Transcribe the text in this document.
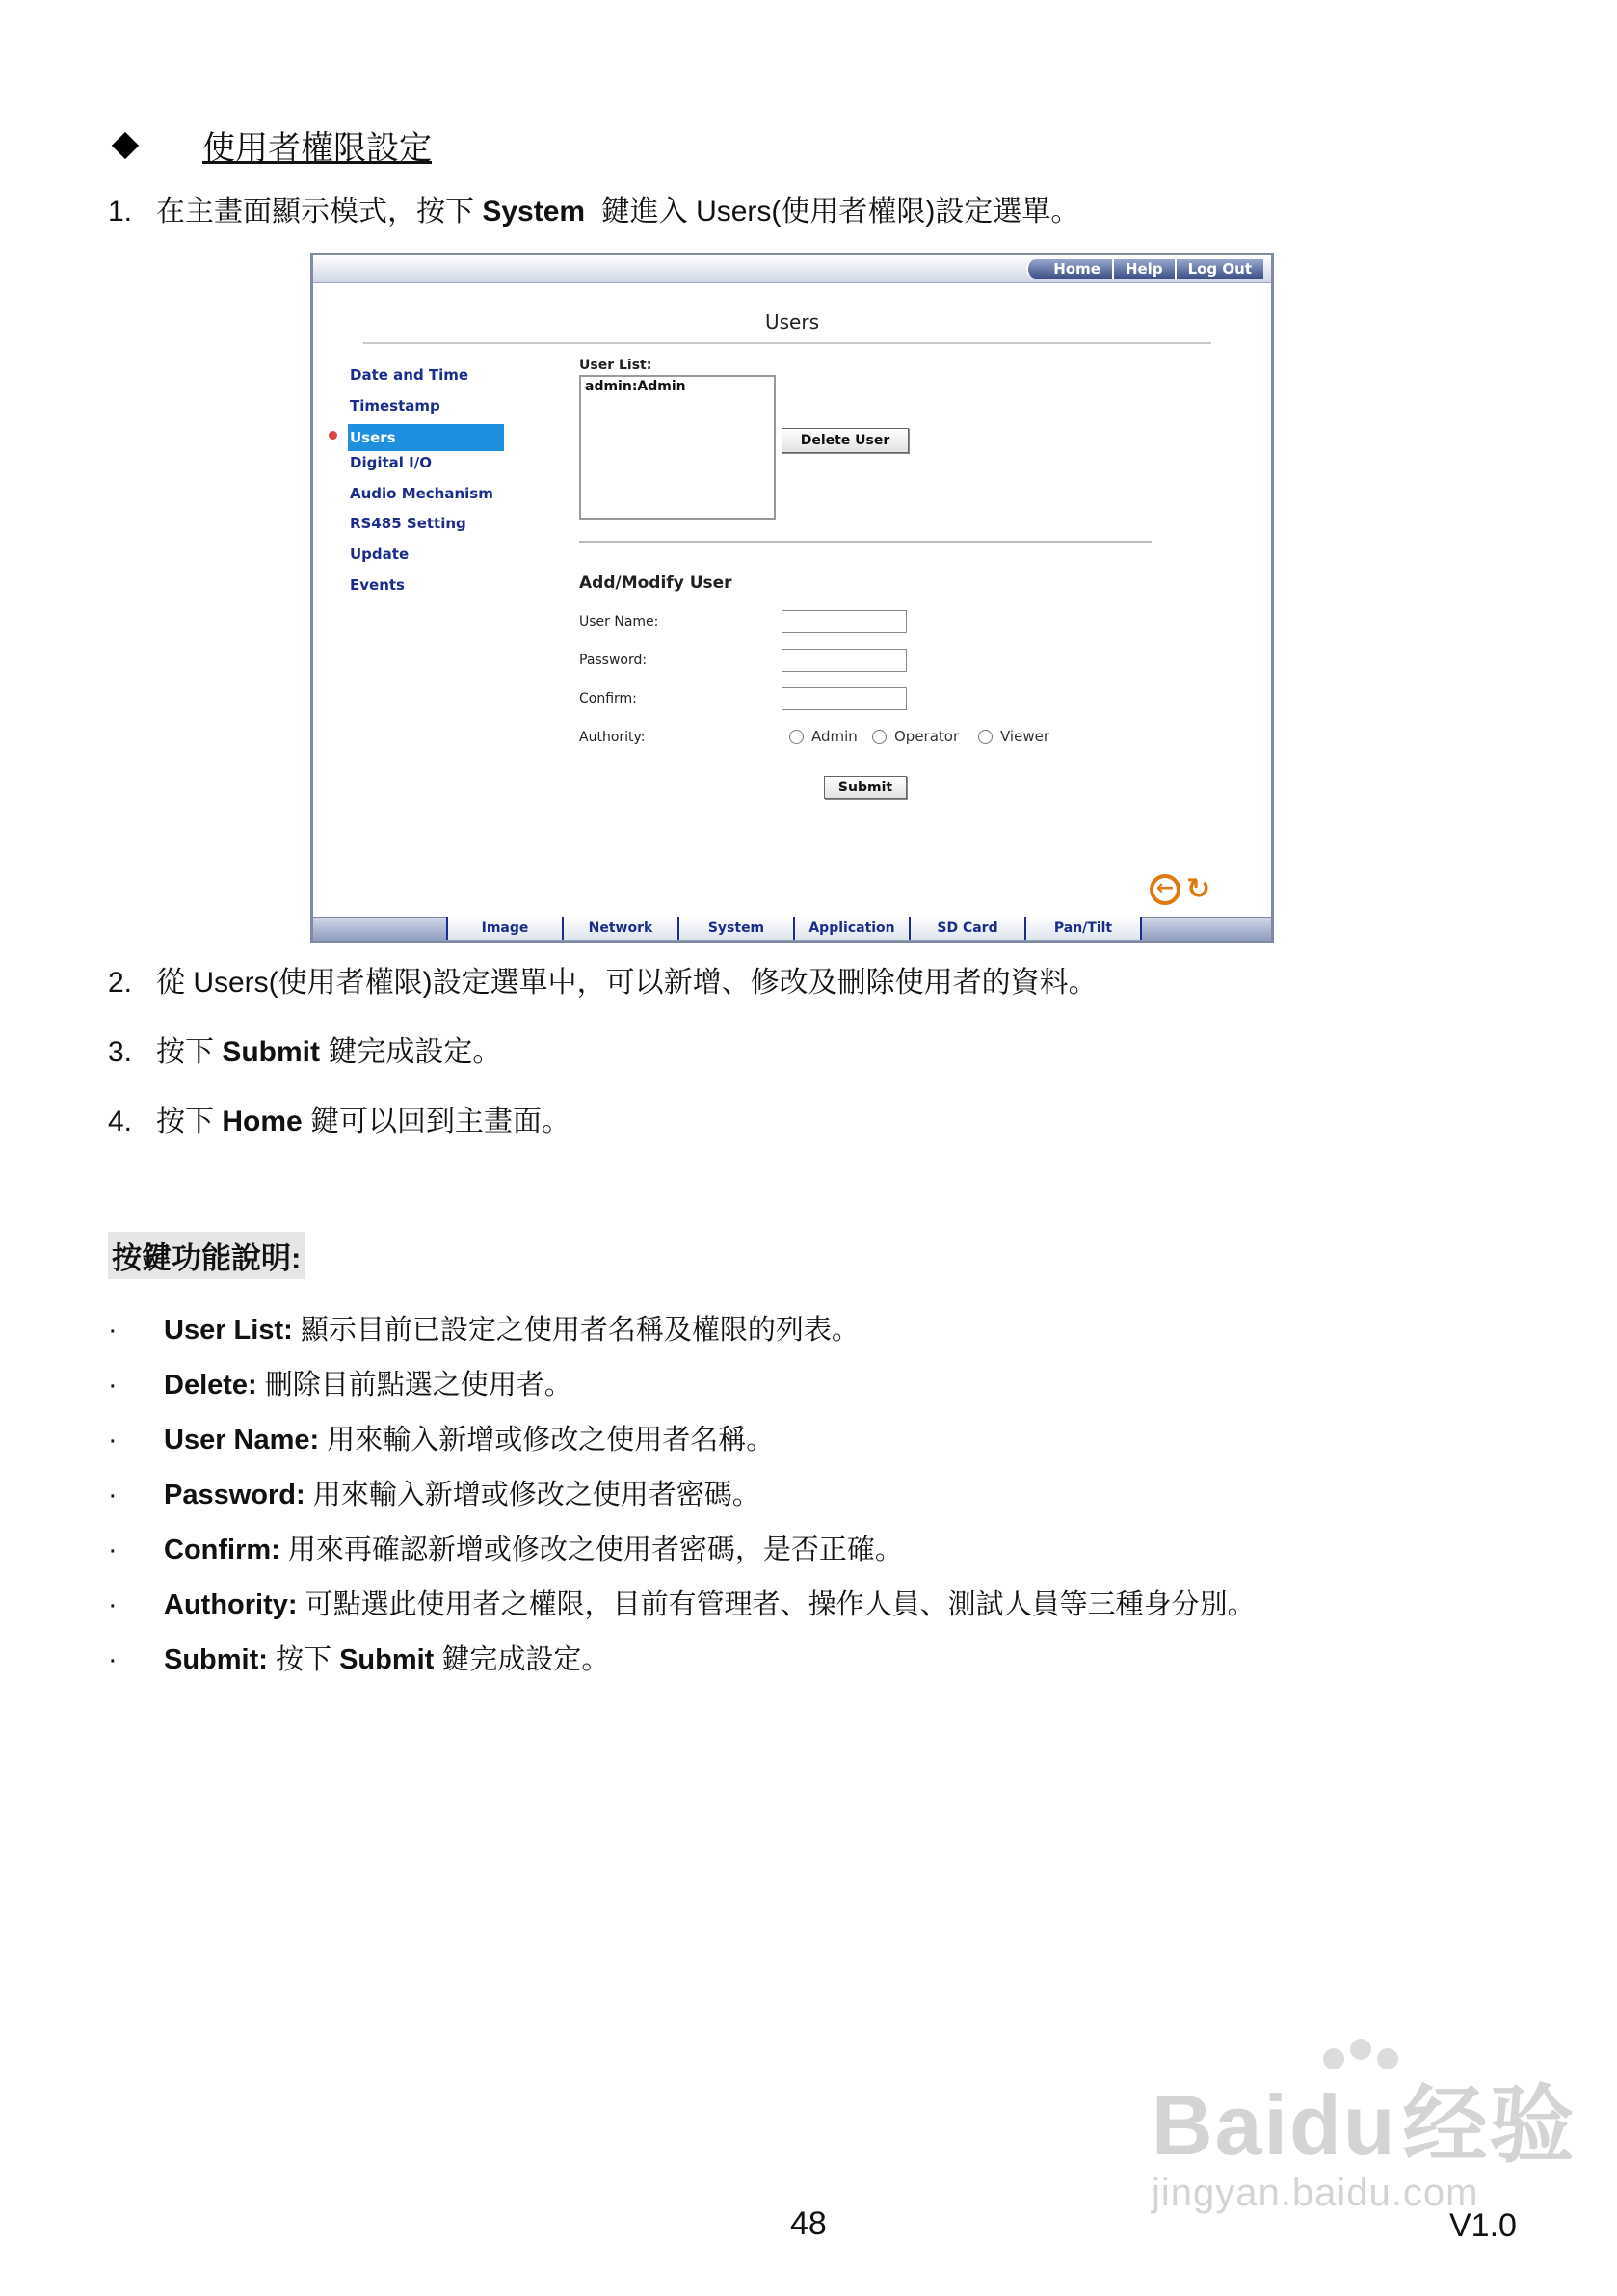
使用者權限設定
1. 在主畫面顯示模式，按下 System  鍵進入 Users(使用者權限)設定選單。
Home	Help	Log Out
Users
Date and Time
Timestamp
Users
Digital I/O
Audio Mechanism
RS485 Setting
Update
Events
User List:
admin:Admin
Delete User
Add/Modify User
User Name:
Password:
Confirm:
Authority:	Admin	Operator	Viewer
Submit
← ↻
Image	Network	System	Application	SD Card	Pan/Tilt
2. 從 Users(使用者權限)設定選單中，可以新增、修改及刪除使用者的資料。
3. 按下 Submit 鍵完成設定。
4. 按下 Home 鍵可以回到主畫面。
按鍵功能說明:
· User List: 顯示目前已設定之使用者名稱及權限的列表。
· Delete: 刪除目前點選之使用者。
· User Name: 用來輸入新增或修改之使用者名稱。
· Password: 用來輸入新增或修改之使用者密碼。
· Confirm: 用來再確認新增或修改之使用者密碼，是否正確。
· Authority: 可點選此使用者之權限，目前有管理者、操作人員、測試人員等三種身分別。
· Submit: 按下 Submit 鍵完成設定。
Baidu经验
jingyan.baidu.com
48	V1.0
